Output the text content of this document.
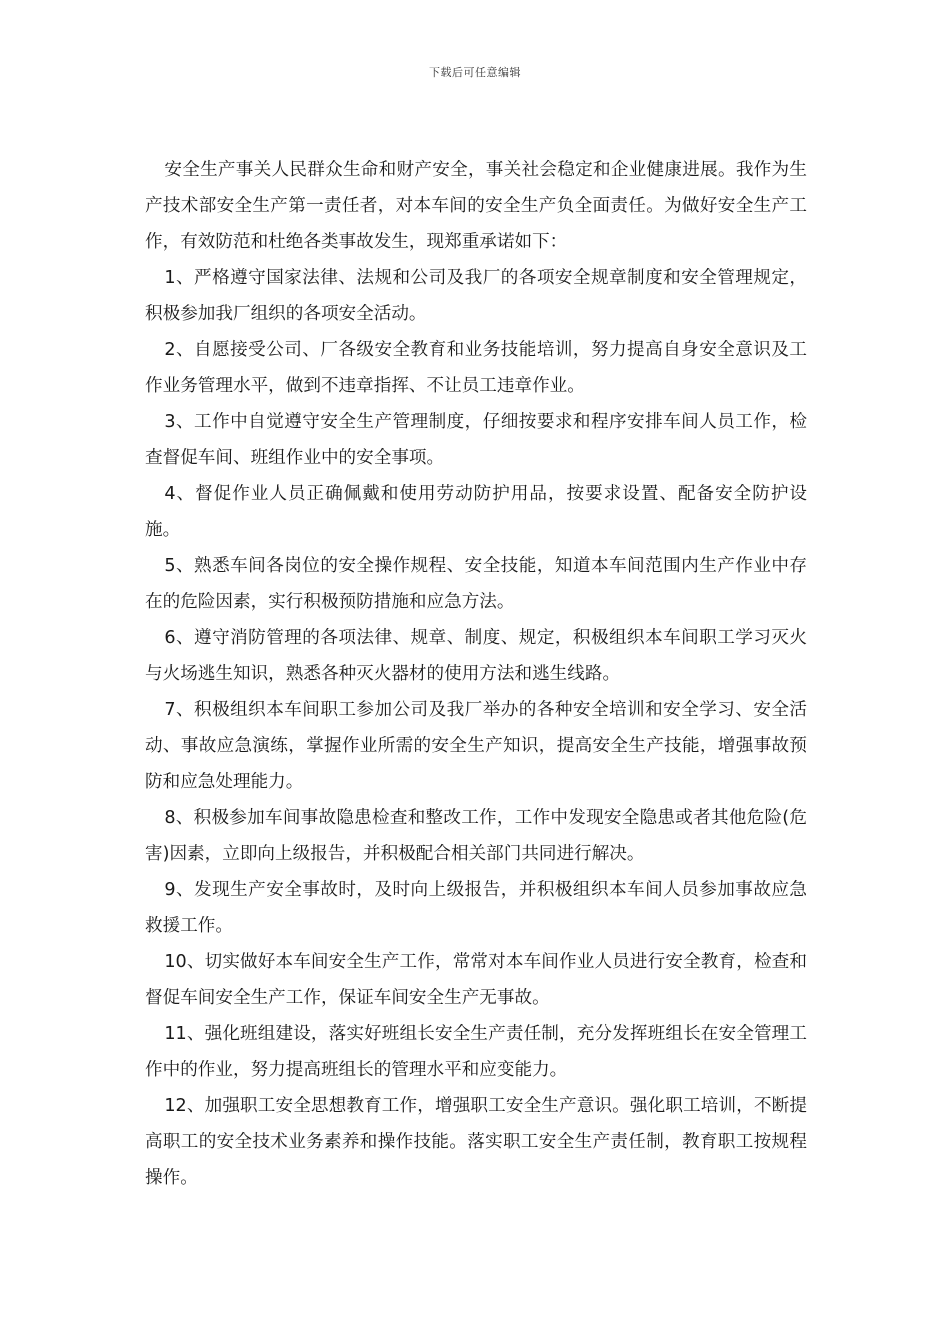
下载后可任意编辑

安全生产事关人民群众生命和财产安全，事关社会稳定和企业健康进展。我作为生产技术部安全生产第一责任者，对本车间的安全生产负全面责任。为做好安全生产工作，有效防范和杜绝各类事故发生，现郑重承诺如下：

1、严格遵守国家法律、法规和公司及我厂的各项安全规章制度和安全管理规定，积极参加我厂组织的各项安全活动。

2、自愿接受公司、厂各级安全教育和业务技能培训，努力提高自身安全意识及工作业务管理水平，做到不违章指挥、不让员工违章作业。

3、工作中自觉遵守安全生产管理制度，仔细按要求和程序安排车间人员工作，检查督促车间、班组作业中的安全事项。

4、督促作业人员正确佩戴和使用劳动防护用品，按要求设置、配备安全防护设施。

5、熟悉车间各岗位的安全操作规程、安全技能，知道本车间范围内生产作业中存在的危险因素，实行积极预防措施和应急方法。

6、遵守消防管理的各项法律、规章、制度、规定，积极组织本车间职工学习灭火与火场逃生知识，熟悉各种灭火器材的使用方法和逃生线路。

7、积极组织本车间职工参加公司及我厂举办的各种安全培训和安全学习、安全活动、事故应急演练，掌握作业所需的安全生产知识，提高安全生产技能，增强事故预防和应急处理能力。

8、积极参加车间事故隐患检查和整改工作，工作中发现安全隐患或者其他危险(危害)因素，立即向上级报告，并积极配合相关部门共同进行解决。

9、发现生产安全事故时，及时向上级报告，并积极组织本车间人员参加事故应急救援工作。

10、切实做好本车间安全生产工作，常常对本车间作业人员进行安全教育，检查和督促车间安全生产工作，保证车间安全生产无事故。

11、强化班组建设，落实好班组长安全生产责任制，充分发挥班组长在安全管理工作中的作业，努力提高班组长的管理水平和应变能力。

12、加强职工安全思想教育工作，增强职工安全生产意识。强化职工培训，不断提高职工的安全技术业务素养和操作技能。落实职工安全生产责任制，教育职工按规程操作。
